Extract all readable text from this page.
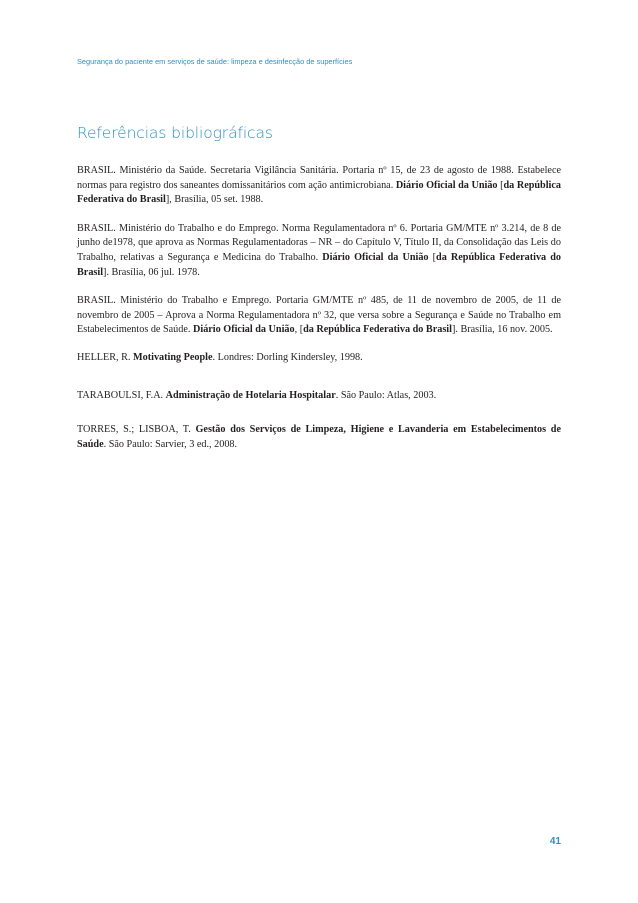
Segurança do paciente em serviços de saúde: limpeza e desinfecção de superfícies
Referências bibliográficas

BRASIL. Ministério da Saúde. Secretaria Vigilância Sanitária. Portaria nº 15, de 23 de agosto de 1988. Estabelece normas para registro dos saneantes domissanitários com ação antimicrobiana. Diário Oficial da União [da República Federativa do Brasil], Brasília, 05 set. 1988.

BRASIL. Ministério do Trabalho e do Emprego. Norma Regulamentadora nº 6. Portaria GM/MTE nº 3.214, de 8 de junho de1978, que aprova as Normas Regulamentadoras – NR – do Capítulo V, Título II, da Consolidação das Leis do Trabalho, relativas a Segurança e Medicina do Trabalho. Diário Oficial da União [da República Federativa do Brasil]. Brasília, 06 jul. 1978.

BRASIL. Ministério do Trabalho e Emprego. Portaria GM/MTE nº 485, de 11 de novembro de 2005, de 11 de novembro de 2005 – Aprova a Norma Regulamentadora nº 32, que versa sobre a Segurança e Saúde no Trabalho em Estabelecimentos de Saúde. Diário Oficial da União, [da República Federativa do Brasil]. Brasília, 16 nov. 2005.

HELLER, R. Motivating People. Londres: Dorling Kindersley, 1998.

TARABOULSI, F.A. Administração de Hotelaria Hospitalar. São Paulo: Atlas, 2003.

TORRES, S.; LISBOA, T. Gestão dos Serviços de Limpeza, Higiene e Lavanderia em Estabelecimentos de Saúde. São Paulo: Sarvier, 3 ed., 2008.

41
